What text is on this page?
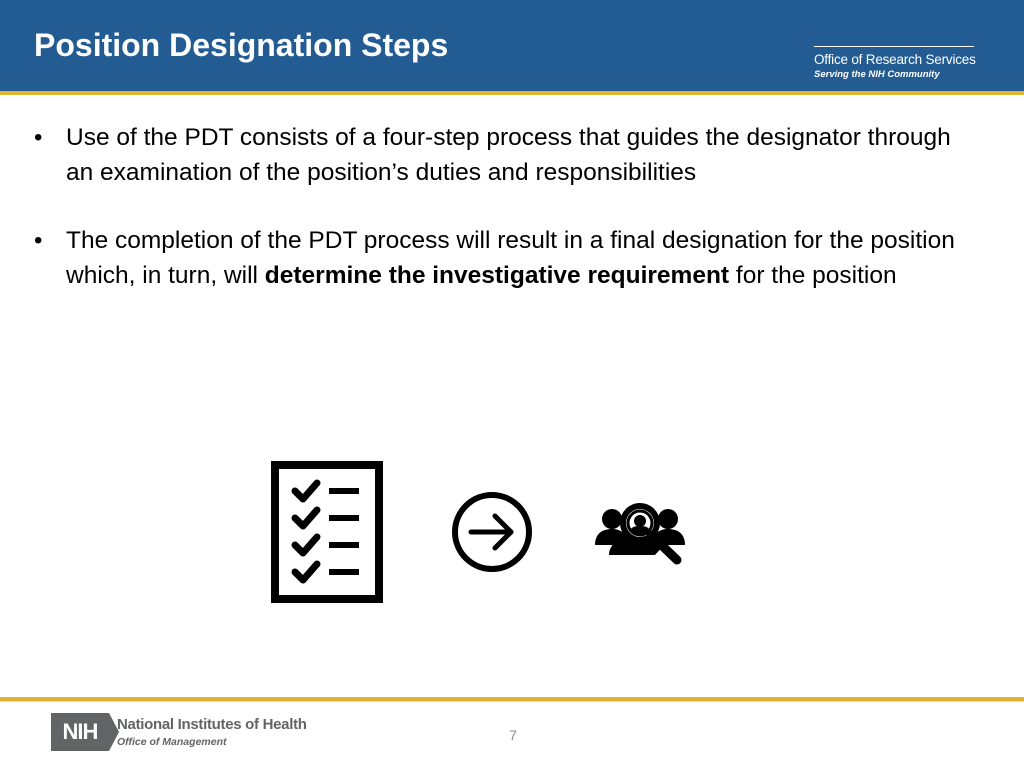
Position Designation Steps	Office of Research Services
Serving the NIH Community
• Use of the PDT consists of a four-step process that guides the designator through an examination of the position’s duties and responsibilities
• The completion of the PDT process will result in a final designation for the position which, in turn, will determine the investigative requirement for the position
NIH	National Institutes of Health
Office of Management	7
